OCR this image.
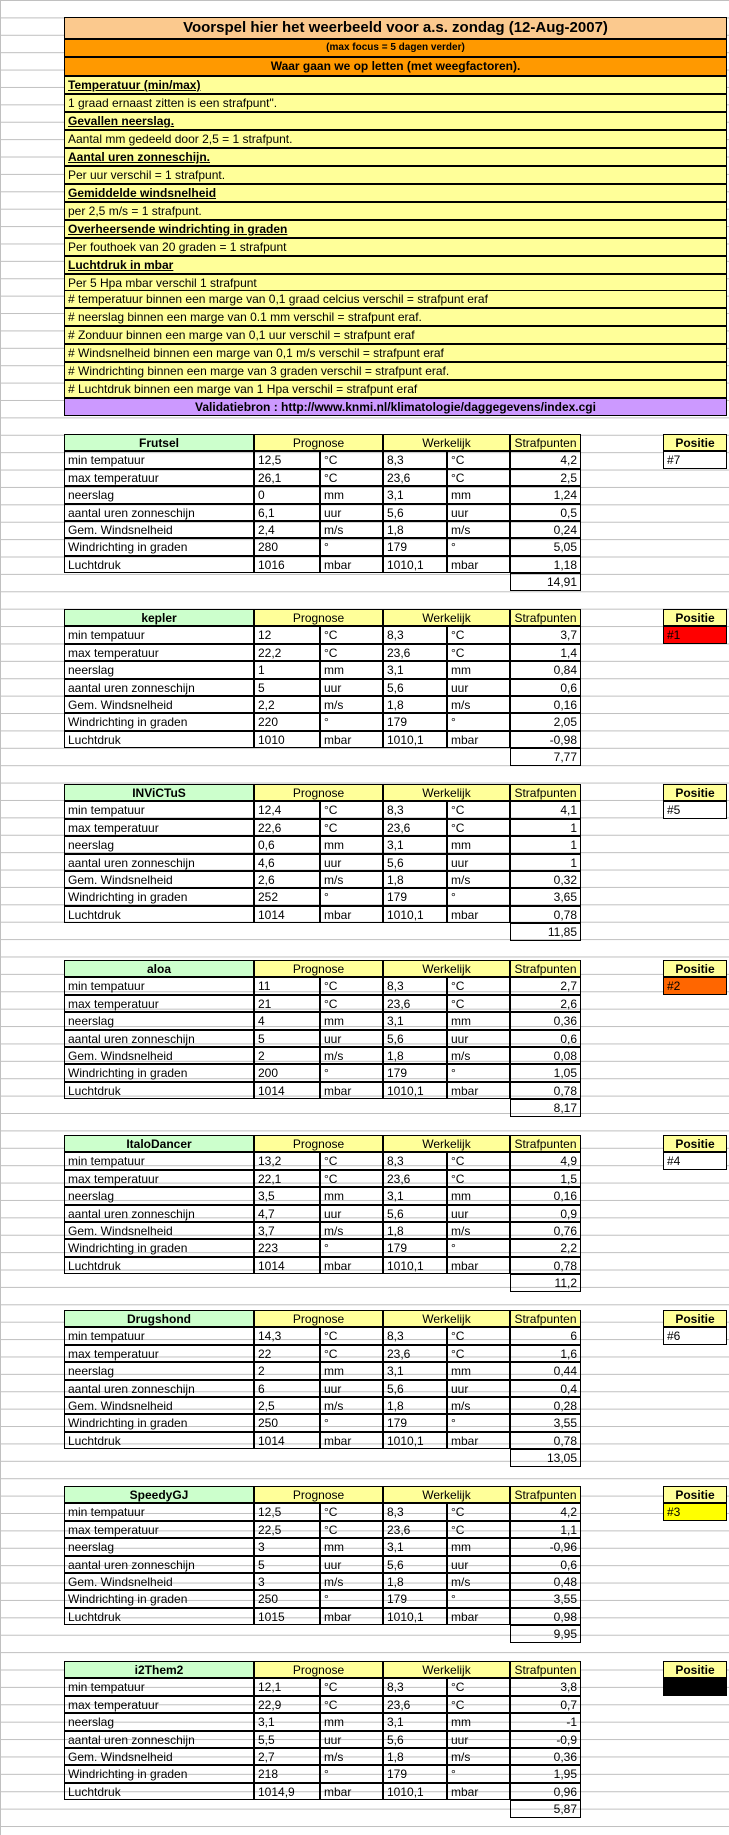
Voorspel hier het weerbeeld voor a.s. zondag (12-Aug-2007)
(max focus = 5 dagen verder)
Waar gaan we op letten (met weegfactoren).
Temperatuur (min/max)
1 graad ernaast zitten is een strafpunt".
Gevallen neerslag.
Aantal mm gedeeld door 2,5 = 1 strafpunt.
Aantal uren zonneschijn.
Per uur verschil = 1 strafpunt.
Gemiddelde windsnelheid
per 2,5 m/s = 1 strafpunt.
Overheersende windrichting in graden
Per fouthoek van 20 graden = 1 strafpunt
Luchtdruk in mbar
Per 5 Hpa mbar verschil 1 strafpunt
# temperatuur binnen een marge van 0,1 graad celcius verschil = strafpunt eraf
# neerslag binnen een marge van 0.1 mm verschil = strafpunt eraf.
# Zonduur binnen een marge van 0,1 uur verschil = strafpunt eraf
# Windsnelheid binnen een marge van 0,1 m/s verschil = strafpunt eraf
# Windrichting binnen een marge van 3 graden verschil = strafpunt eraf.
# Luchtdruk binnen een marge van 1 Hpa verschil = strafpunt eraf
Validatiebron : http://www.knmi.nl/klimatologie/daggegevens/index.cgi
Frutsel	Prognose	Werkelijk	Strafpunten	Positie
#7
min tempatuur	12,5	°C	8,3	°C	4,2
max temperatuur	26,1	°C	23,6	°C	2,5
neerslag	0	mm	3,1	mm	1,24
aantal uren zonneschijn	6,1	uur	5,6	uur	0,5
Gem. Windsnelheid	2,4	m/s	1,8	m/s	0,24
Windrichting in graden	280	°	179	°	5,05
Luchtdruk	1016	mbar	1010,1	mbar	1,18
14,91
kepler	Prognose	Werkelijk	Strafpunten	Positie
#1
min tempatuur	12	°C	8,3	°C	3,7
max temperatuur	22,2	°C	23,6	°C	1,4
neerslag	1	mm	3,1	mm	0,84
aantal uren zonneschijn	5	uur	5,6	uur	0,6
Gem. Windsnelheid	2,2	m/s	1,8	m/s	0,16
Windrichting in graden	220	°	179	°	2,05
Luchtdruk	1010	mbar	1010,1	mbar	-0,98
7,77
INViCTuS	Prognose	Werkelijk	Strafpunten	Positie
#5
min tempatuur	12,4	°C	8,3	°C	4,1
max temperatuur	22,6	°C	23,6	°C	1
neerslag	0,6	mm	3,1	mm	1
aantal uren zonneschijn	4,6	uur	5,6	uur	1
Gem. Windsnelheid	2,6	m/s	1,8	m/s	0,32
Windrichting in graden	252	°	179	°	3,65
Luchtdruk	1014	mbar	1010,1	mbar	0,78
11,85
aloa	Prognose	Werkelijk	Strafpunten	Positie
#2
min tempatuur	11	°C	8,3	°C	2,7
max temperatuur	21	°C	23,6	°C	2,6
neerslag	4	mm	3,1	mm	0,36
aantal uren zonneschijn	5	uur	5,6	uur	0,6
Gem. Windsnelheid	2	m/s	1,8	m/s	0,08
Windrichting in graden	200	°	179	°	1,05
Luchtdruk	1014	mbar	1010,1	mbar	0,78
8,17
ItaloDancer	Prognose	Werkelijk	Strafpunten	Positie
#4
min tempatuur	13,2	°C	8,3	°C	4,9
max temperatuur	22,1	°C	23,6	°C	1,5
neerslag	3,5	mm	3,1	mm	0,16
aantal uren zonneschijn	4,7	uur	5,6	uur	0,9
Gem. Windsnelheid	3,7	m/s	1,8	m/s	0,76
Windrichting in graden	223	°	179	°	2,2
Luchtdruk	1014	mbar	1010,1	mbar	0,78
11,2
Drugshond	Prognose	Werkelijk	Strafpunten	Positie
#6
min tempatuur	14,3	°C	8,3	°C	6
max temperatuur	22	°C	23,6	°C	1,6
neerslag	2	mm	3,1	mm	0,44
aantal uren zonneschijn	6	uur	5,6	uur	0,4
Gem. Windsnelheid	2,5	m/s	1,8	m/s	0,28
Windrichting in graden	250	°	179	°	3,55
Luchtdruk	1014	mbar	1010,1	mbar	0,78
13,05
SpeedyGJ	Prognose	Werkelijk	Strafpunten	Positie
#3
min tempatuur	12,5	°C	8,3	°C	4,2
max temperatuur	22,5	°C	23,6	°C	1,1
neerslag	3	mm	3,1	mm	-0,96
aantal uren zonneschijn	5	uur	5,6	uur	0,6
Gem. Windsnelheid	3	m/s	1,8	m/s	0,48
Windrichting in graden	250	°	179	°	3,55
Luchtdruk	1015	mbar	1010,1	mbar	0,98
9,95
i2Them2	Prognose	Werkelijk	Strafpunten	Positie
min tempatuur	12,1	°C	8,3	°C	3,8
max temperatuur	22,9	°C	23,6	°C	0,7
neerslag	3,1	mm	3,1	mm	-1
aantal uren zonneschijn	5,5	uur	5,6	uur	-0,9
Gem. Windsnelheid	2,7	m/s	1,8	m/s	0,36
Windrichting in graden	218	°	179	°	1,95
Luchtdruk	1014,9	mbar	1010,1	mbar	0,96
5,87
